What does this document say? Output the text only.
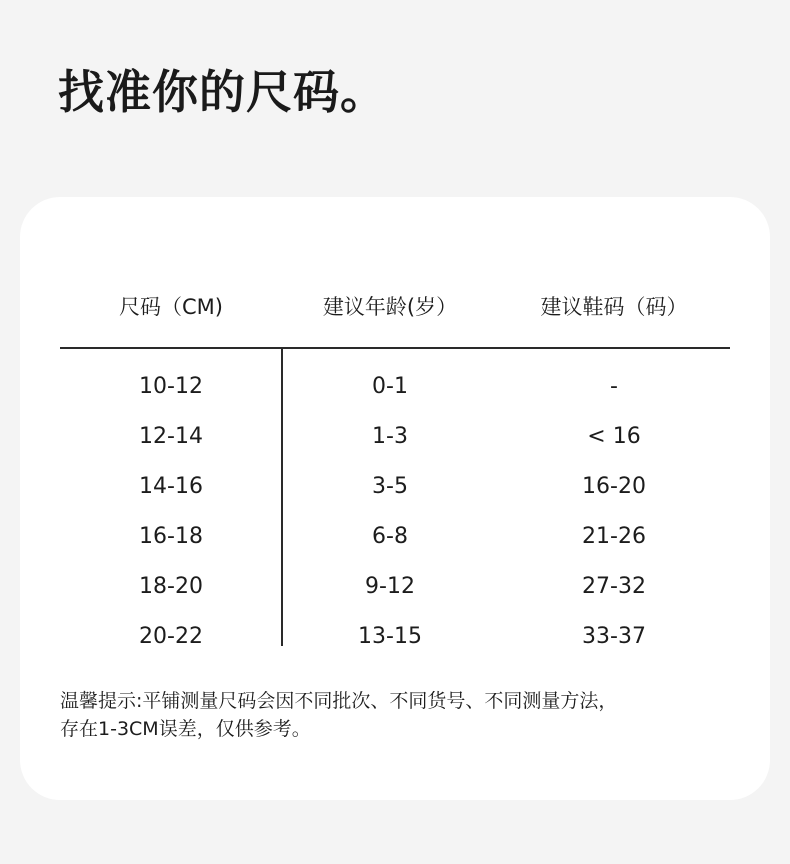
找准你的尺码。
尺码（CM)	建议年龄(岁）	建议鞋码（码）
10-12	0-1	-
12-14	1-3	< 16
14-16	3-5	16-20
16-18	6-8	21-26
18-20	9-12	27-32
20-22	13-15	33-37
温馨提示:平铺测量尺码会因不同批次、不同货号、不同测量方法，
存在1-3CM误差，仅供参考。
